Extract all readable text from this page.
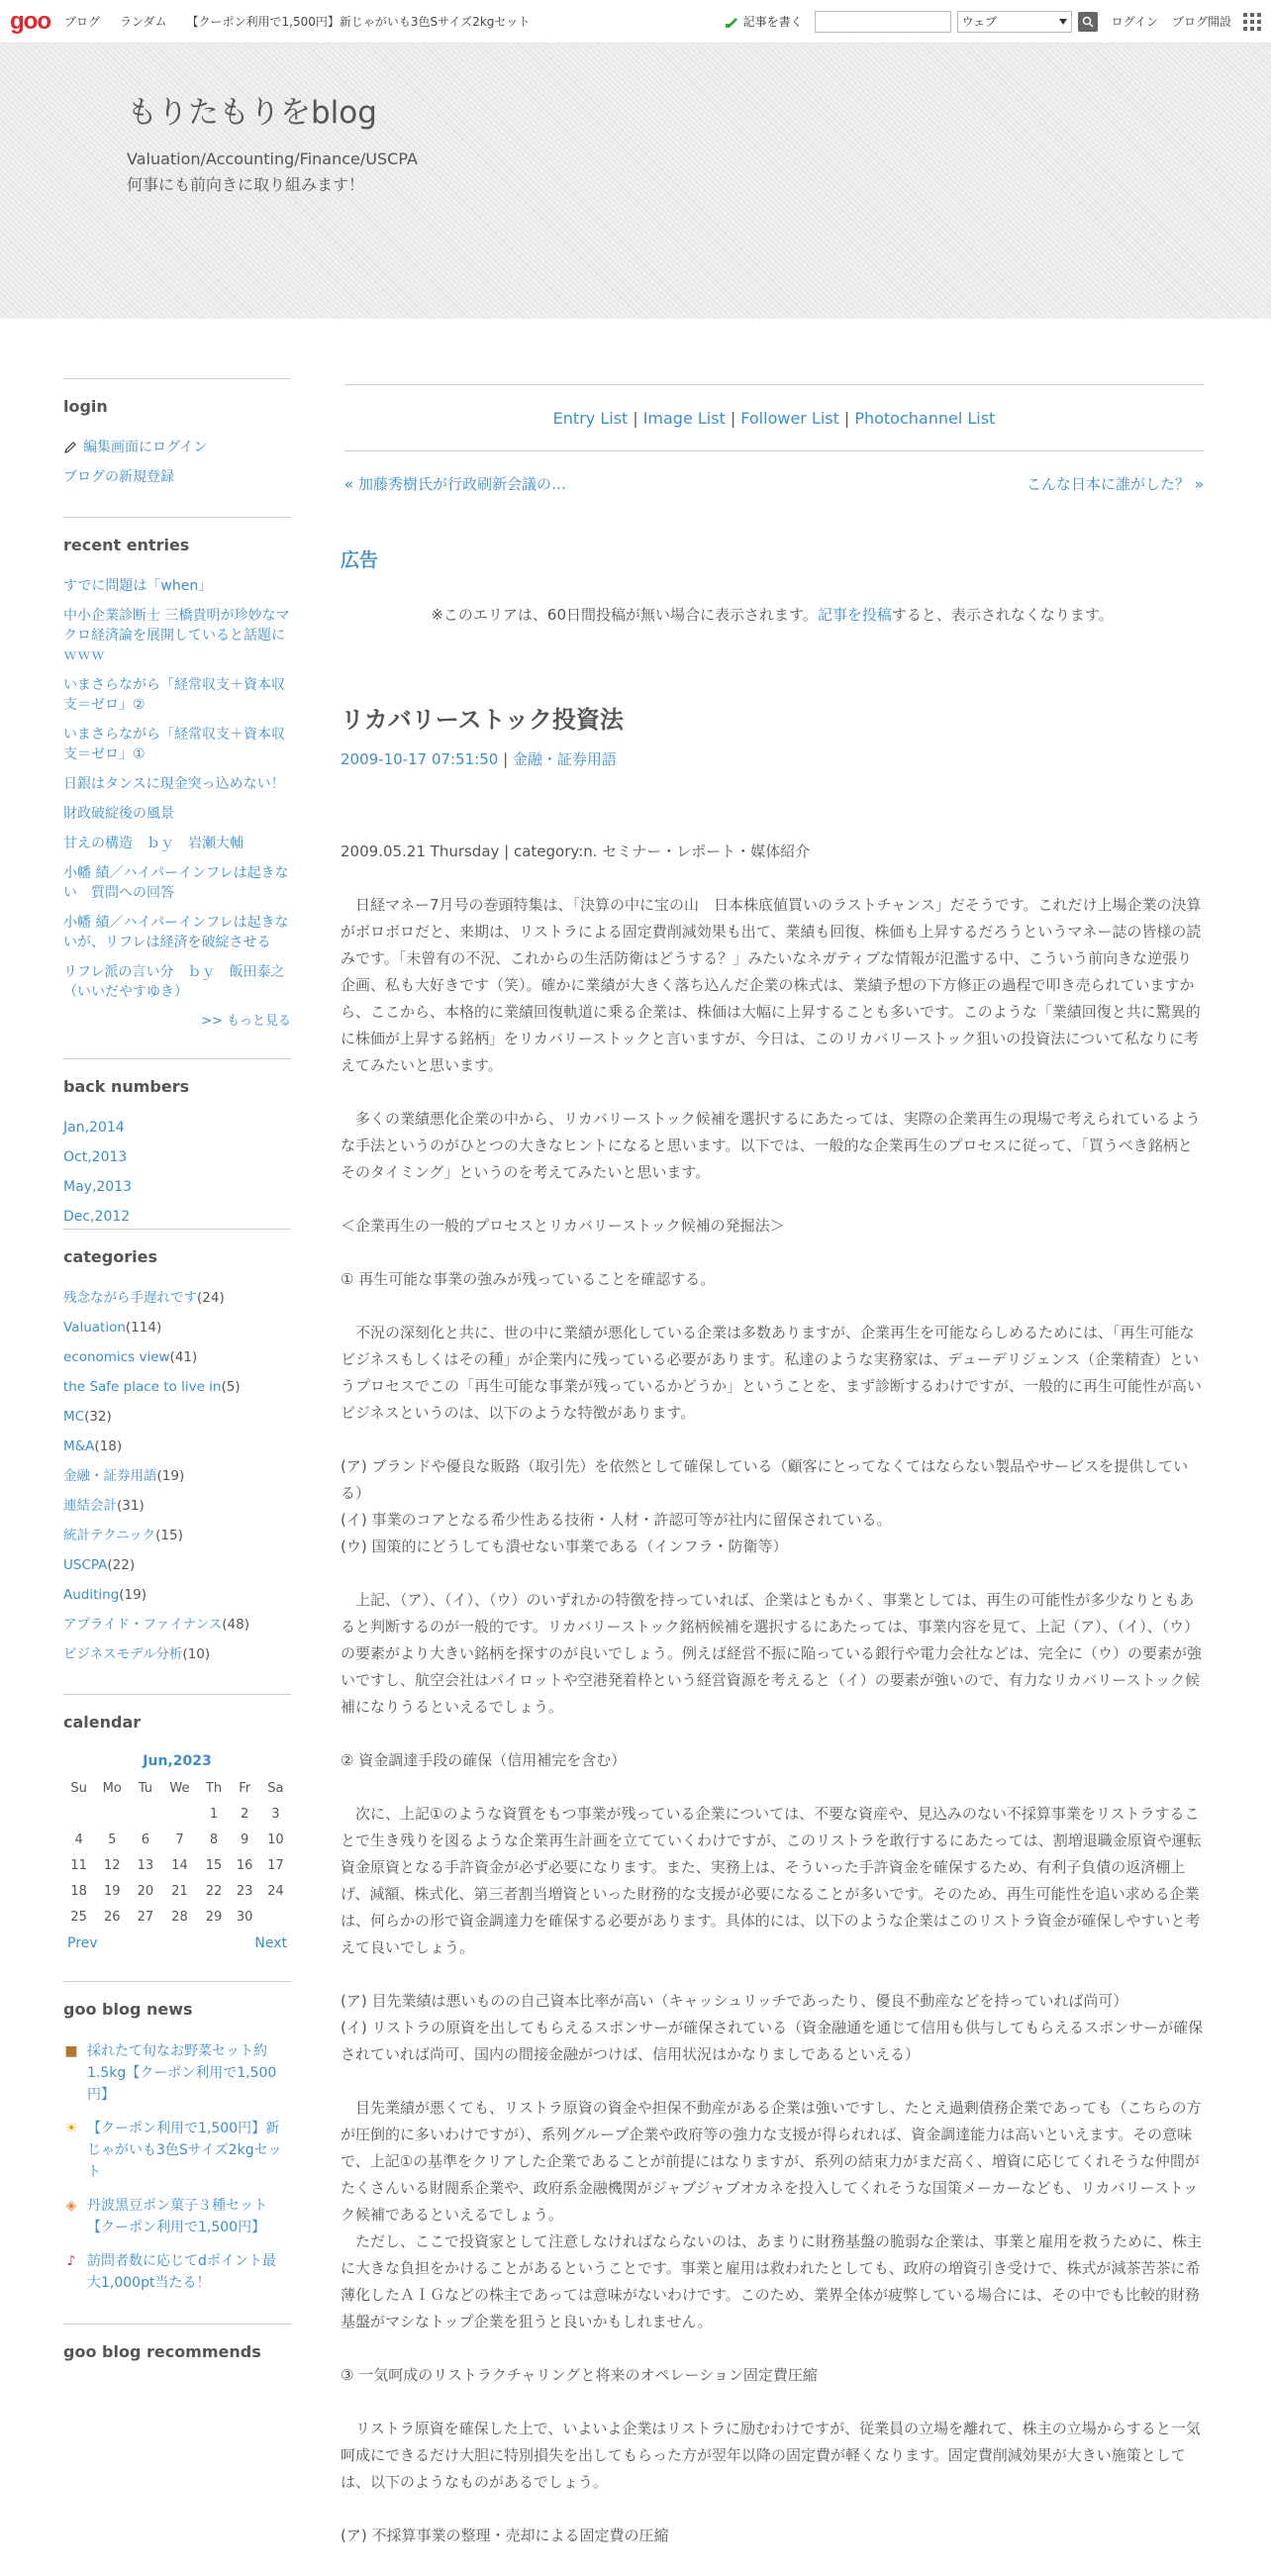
goo ブログ ランダム 【クーポン利用で1,500円】新じゃがいも3色Sサイズ2kgセット	記事を書く	ウェブ	ログイン ブログ開設
もりたもりをblog
Valuation/Accounting/Finance/USCPA
何事にも前向きに取り組みます！
login
編集画面にログイン
ブログの新規登録
recent entries
すでに問題は「when」
中小企業診断士 三橋貴明が珍妙なマクロ経済論を展開していると話題にｗｗｗ
いまさらながら「経常収支＋資本収支＝ゼロ」②
いまさらながら「経常収支＋資本収支＝ゼロ」①
日銀はタンスに現金突っ込めない！
財政破綻後の風景
甘えの構造　ｂｙ　岩瀬大輔
小幡 績／ハイパーインフレは起きない　質問への回答
小幡 績／ハイパーインフレは起きないが、リフレは経済を破綻させる
リフレ派の言い分　ｂｙ　飯田泰之（いいだやすゆき）
>> もっと見る
back numbers
Jan,2014
Oct,2013
May,2013
Dec,2012
categories
残念ながら手遅れです(24)
Valuation(114)
economics view(41)
the Safe place to live in(5)
MC(32)
M&A(18)
金融・証券用語(19)
連結会計(31)
統計テクニック(15)
USCPA(22)
Auditing(19)
アプライド・ファイナンス(48)
ビジネスモデル分析(10)
calendar
Jun,2023
Su	Mo	Tu	We	Th	Fr	Sa
				1	2	3
4	5	6	7	8	9	10
11	12	13	14	15	16	17
18	19	20	21	22	23	24
25	26	27	28	29	30	
Prev	Next
goo blog news
■ 採れたて旬なお野菜セット約1.5kg【クーポン利用で1,500円】
☀ 【クーポン利用で1,500円】新じゃがいも3色Sサイズ2kgセット
◈ 丹波黒豆ポン菓子３種セット【クーポン利用で1,500円】
♪ 訪問者数に応じてdポイント最大1,000pt当たる！
goo blog recommends
Entry List | Image List | Follower List | Photochannel List
« 加藤秀樹氏が行政刷新会議の…	こんな日本に誰がした？ »
広告
※このエリアは、60日間投稿が無い場合に表示されます。記事を投稿すると、表示されなくなります。
リカバリーストック投資法
2009-10-17 07:51:50 | 金融・証券用語

2009.05.21 Thursday | category:n. セミナー・レポート・媒体紹介

　日経マネー7月号の巻頭特集は、「決算の中に宝の山　日本株底値買いのラストチャンス」だそうです。これだけ上場企業の決算がボロボロだと、来期は、リストラによる固定費削減効果も出て、業績も回復、株価も上昇するだろうというマネー誌の皆様の読みです。「未曾有の不況、これからの生活防衛はどうする？」みたいなネガティブな情報が氾濫する中、こういう前向きな逆張り企画、私も大好きです（笑）。確かに業績が大きく落ち込んだ企業の株式は、業績予想の下方修正の過程で叩き売られていますから、ここから、本格的に業績回復軌道に乗る企業は、株価は大幅に上昇することも多いです。このような「業績回復と共に驚異的に株価が上昇する銘柄」をリカバリーストックと言いますが、今日は、このリカバリーストック狙いの投資法について私なりに考えてみたいと思います。

　多くの業績悪化企業の中から、リカバリーストック候補を選択するにあたっては、実際の企業再生の現場で考えられているような手法というのがひとつの大きなヒントになると思います。以下では、一般的な企業再生のプロセスに従って、「買うべき銘柄とそのタイミング」というのを考えてみたいと思います。

＜企業再生の一般的プロセスとリカバリーストック候補の発掘法＞

① 再生可能な事業の強みが残っていることを確認する。

　不況の深刻化と共に、世の中に業績が悪化している企業は多数ありますが、企業再生を可能ならしめるためには、「再生可能なビジネスもしくはその種」が企業内に残っている必要があります。私達のような実務家は、デューデリジェンス（企業精査）というプロセスでこの「再生可能な事業が残っているかどうか」ということを、まず診断するわけですが、一般的に再生可能性が高いビジネスというのは、以下のような特徴があります。

(ア) ブランドや優良な販路（取引先）を依然として確保している（顧客にとってなくてはならない製品やサービスを提供している）
(イ) 事業のコアとなる希少性ある技術・人材・許認可等が社内に留保されている。
(ウ) 国策的にどうしても潰せない事業である（インフラ・防衛等）

　上記、（ア）、（イ）、（ウ）のいずれかの特徴を持っていれば、企業はともかく、事業としては、再生の可能性が多少なりともあると判断するのが一般的です。リカバリーストック銘柄候補を選択するにあたっては、事業内容を見て、上記（ア）、（イ）、（ウ）の要素がより大きい銘柄を探すのが良いでしょう。例えば経営不振に陥っている銀行や電力会社などは、完全に（ウ）の要素が強いですし、航空会社はパイロットや空港発着枠という経営資源を考えると（イ）の要素が強いので、有力なリカバリーストック候補になりうるといえるでしょう。

② 資金調達手段の確保（信用補完を含む）

　次に、上記①のような資質をもつ事業が残っている企業については、不要な資産や、見込みのない不採算事業をリストラすることで生き残りを図るような企業再生計画を立てていくわけですが、このリストラを敢行するにあたっては、割増退職金原資や運転資金原資となる手許資金が必ず必要になります。また、実務上は、そういった手許資金を確保するため、有利子負債の返済棚上げ、減額、株式化、第三者割当増資といった財務的な支援が必要になることが多いです。そのため、再生可能性を追い求める企業は、何らかの形で資金調達力を確保する必要があります。具体的には、以下のような企業はこのリストラ資金が確保しやすいと考えて良いでしょう。

(ア) 目先業績は悪いものの自己資本比率が高い（キャッシュリッチであったり、優良不動産などを持っていれば尚可）
(イ) リストラの原資を出してもらえるスポンサーが確保されている（資金融通を通じて信用も供与してもらえるスポンサーが確保されていれば尚可、国内の間接金融がつけば、信用状況はかなりましであるといえる）

　目先業績が悪くても、リストラ原資の資金や担保不動産がある企業は強いですし、たとえ過剰債務企業であっても（こちらの方が圧倒的に多いわけですが）、系列グループ企業や政府等の強力な支援が得られれば、資金調達能力は高いといえます。その意味で、上記①の基準をクリアした企業であることが前提にはなりますが、系列の結束力がまだ高く、増資に応じてくれそうな仲間がたくさんいる財閥系企業や、政府系金融機関がジャブジャブオカネを投入してくれそうな国策メーカーなども、リカバリーストック候補であるといえるでしょう。
　ただし、ここで投資家として注意しなければならないのは、あまりに財務基盤の脆弱な企業は、事業と雇用を救うために、株主に大きな負担をかけることがあるということです。事業と雇用は救われたとしても、政府の増資引き受けで、株式が減茶苦茶に希薄化したＡＩＧなどの株主であっては意味がないわけです。このため、業界全体が疲弊している場合には、その中でも比較的財務基盤がマシなトップ企業を狙うと良いかもしれません。

③ 一気呵成のリストラクチャリングと将来のオペレーション固定費圧縮

　リストラ原資を確保した上で、いよいよ企業はリストラに励むわけですが、従業員の立場を離れて、株主の立場からすると一気呵成にできるだけ大胆に特別損失を出してもらった方が翌年以降の固定費が軽くなります。固定費削減効果が大きい施策としては、以下のようなものがあるでしょう。

(ア) 不採算事業の整理・売却による固定費の圧縮
